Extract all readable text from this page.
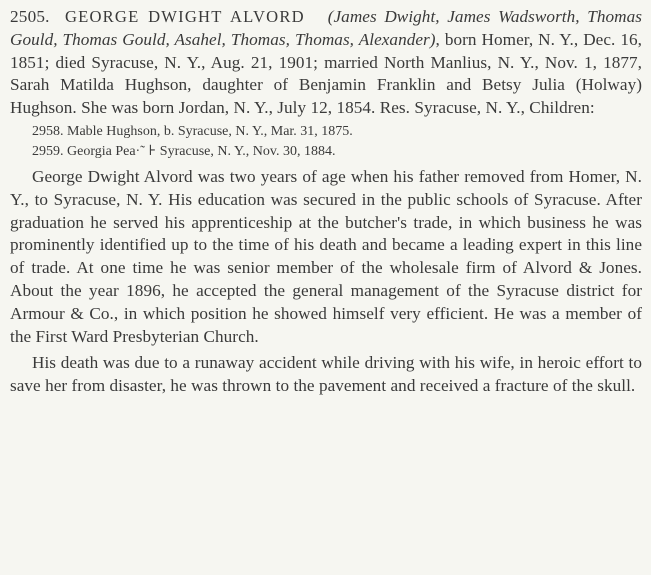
2505. GEORGE DWIGHT ALVORD (James Dwight, James Wadsworth, Thomas Gould, Thomas Gould, Asahel, Thomas, Thomas, Alexander), born Homer, N. Y., Dec. 16, 1851; died Syracuse, N. Y., Aug. 21, 1901; married North Manlius, N. Y., Nov. 1, 1877, Sarah Matilda Hughson, daughter of Benjamin Franklin and Betsy Julia (Holway) Hughson. She was born Jordan, N. Y., July 12, 1854. Res. Syracuse, N. Y., Children:

2958. Mable Hughson, b. Syracuse, N. Y., Mar. 31, 1875.
2959. Georgia Pea·˜ ⊦ Syracuse, N. Y., Nov. 30, 1884.

George Dwight Alvord was two years of age when his father removed from Homer, N. Y., to Syracuse, N. Y. His education was secured in the public schools of Syracuse. After graduation he served his apprenticeship at the butcher's trade, in which business he was prominently identified up to the time of his death and became a leading expert in this line of trade. At one time he was senior member of the wholesale firm of Alvord & Jones. About the year 1896, he accepted the general management of the Syracuse district for Armour & Co., in which position he showed himself very efficient. He was a member of the First Ward Presbyterian Church.

His death was due to a runaway accident while driving with his wife, in heroic effort to save her from disaster, he was thrown to the pavement and received a fracture of the skull.
